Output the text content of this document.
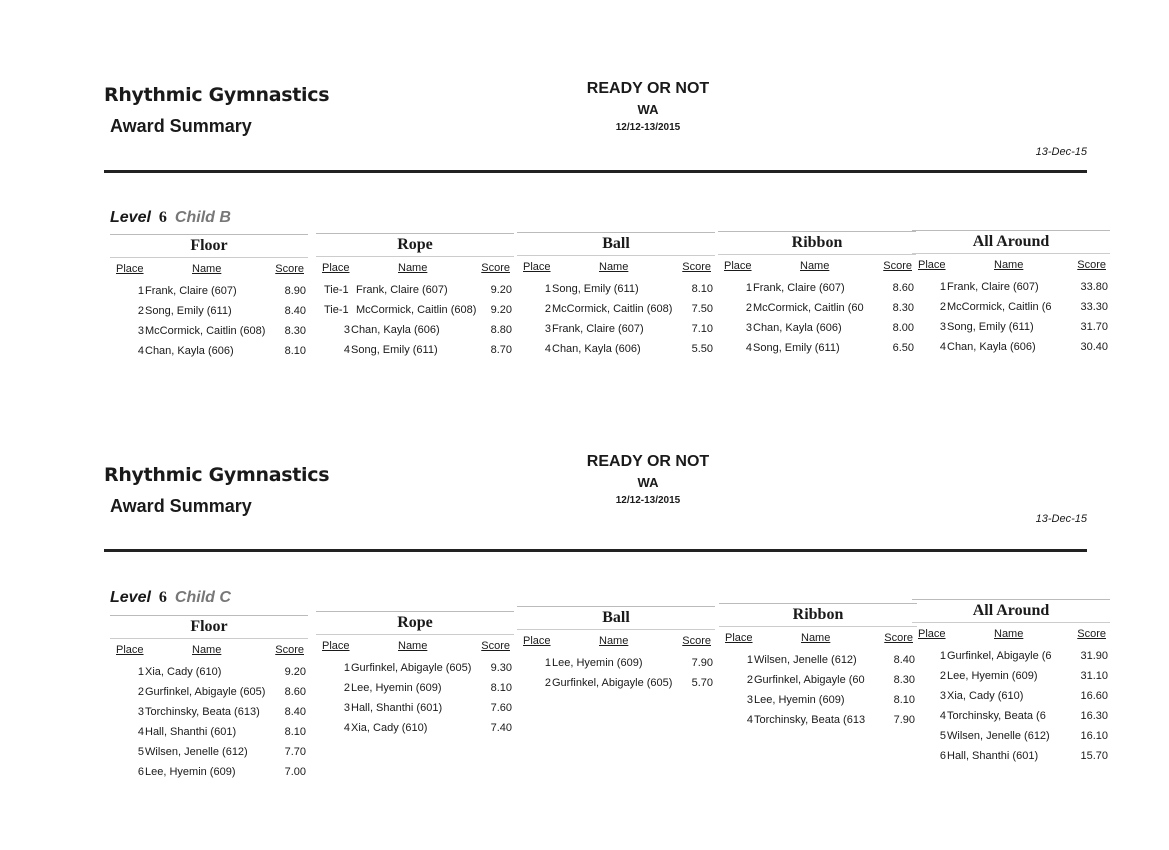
Rhythmic Gymnastics
Award Summary
READY OR NOT
WA
12/12-13/2015
13-Dec-15
Level 6 Child B
Floor
Place	Name	Score
1 Frank, Claire (607)	8.90
2 Song, Emily (611)	8.40
3 McCormick, Caitlin (608)	8.30
4 Chan, Kayla (606)	8.10
Rope
Place	Name	Score
Tie-1 Frank, Claire (607)	9.20
Tie-1 McCormick, Caitlin (608)	9.20
3 Chan, Kayla (606)	8.80
4 Song, Emily (611)	8.70
Ball
Place	Name	Score
1 Song, Emily (611)	8.10
2 McCormick, Caitlin (608)	7.50
3 Frank, Claire (607)	7.10
4 Chan, Kayla (606)	5.50
Ribbon
Place	Name	Score
1 Frank, Claire (607)	8.60
2 McCormick, Caitlin (60	8.30
3 Chan, Kayla (606)	8.00
4 Song, Emily (611)	6.50
All Around
Place	Name	Score
1 Frank, Claire (607)	33.80
2 McCormick, Caitlin (6	33.30
3 Song, Emily (611)	31.70
4 Chan, Kayla (606)	30.40
Rhythmic Gymnastics
Award Summary
READY OR NOT
WA
12/12-13/2015
13-Dec-15
Level 6 Child C
Floor
Place	Name	Score
1 Xia, Cady (610)	9.20
2 Gurfinkel, Abigayle (605)	8.60
3 Torchinsky, Beata (613)	8.40
4 Hall, Shanthi (601)	8.10
5 Wilsen, Jenelle (612)	7.70
6 Lee, Hyemin (609)	7.00
Rope
Place	Name	Score
1 Gurfinkel, Abigayle (605)	9.30
2 Lee, Hyemin (609)	8.10
3 Hall, Shanthi (601)	7.60
4 Xia, Cady (610)	7.40
Ball
Place	Name	Score
1 Lee, Hyemin (609)	7.90
2 Gurfinkel, Abigayle (605)	5.70
Ribbon
Place	Name	Score
1 Wilsen, Jenelle (612)	8.40
2 Gurfinkel, Abigayle (60	8.30
3 Lee, Hyemin (609)	8.10
4 Torchinsky, Beata (613	7.90
All Around
Place	Name	Score
1 Gurfinkel, Abigayle (6	31.90
2 Lee, Hyemin (609)	31.10
3 Xia, Cady (610)	16.60
4 Torchinsky, Beata (6	16.30
5 Wilsen, Jenelle (612)	16.10
6 Hall, Shanthi (601)	15.70
